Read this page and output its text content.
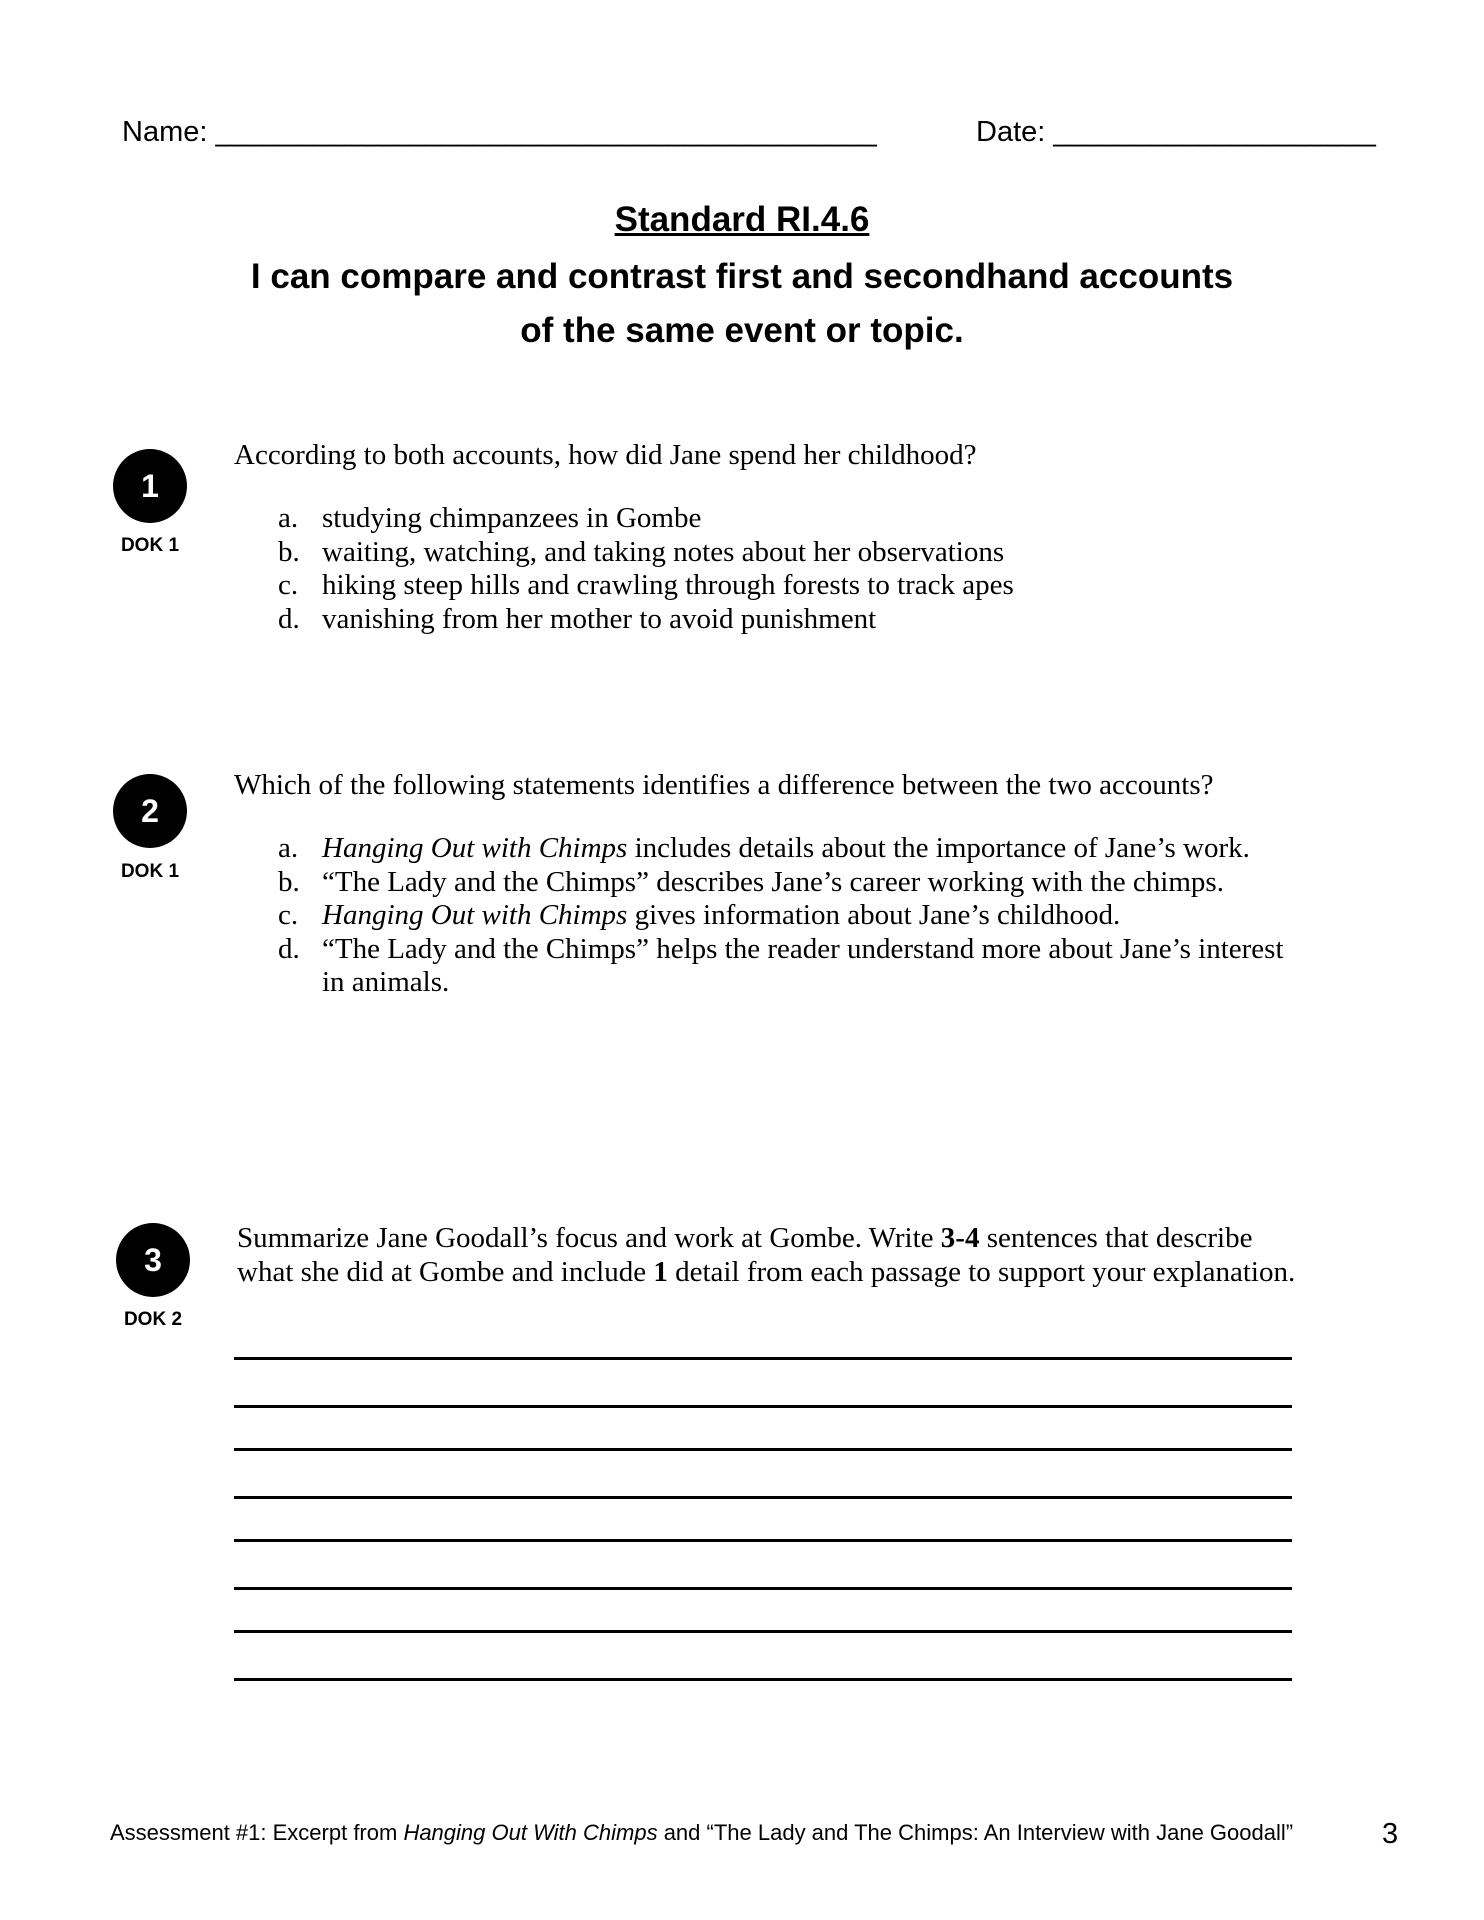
Name: _________________________________________	Date: ____________________
Standard RI.4.6
I can compare and contrast first and secondhand accounts
of the same event or topic.
1
DOK 1
According to both accounts, how did Jane spend her childhood?
a. studying chimpanzees in Gombe
b. waiting, watching, and taking notes about her observations
c. hiking steep hills and crawling through forests to track apes
d. vanishing from her mother to avoid punishment
2
DOK 1
Which of the following statements identifies a difference between the two accounts?
a. Hanging Out with Chimps includes details about the importance of Jane’s work.
b. “The Lady and the Chimps” describes Jane’s career working with the chimps.
c. Hanging Out with Chimps gives information about Jane’s childhood.
d. “The Lady and the Chimps” helps the reader understand more about Jane’s interest in animals.
3
DOK 2
Summarize Jane Goodall’s focus and work at Gombe. Write 3-4 sentences that describe what she did at Gombe and include 1 detail from each passage to support your explanation.
Assessment #1: Excerpt from Hanging Out With Chimps and “The Lady and The Chimps: An Interview with Jane Goodall”	3
